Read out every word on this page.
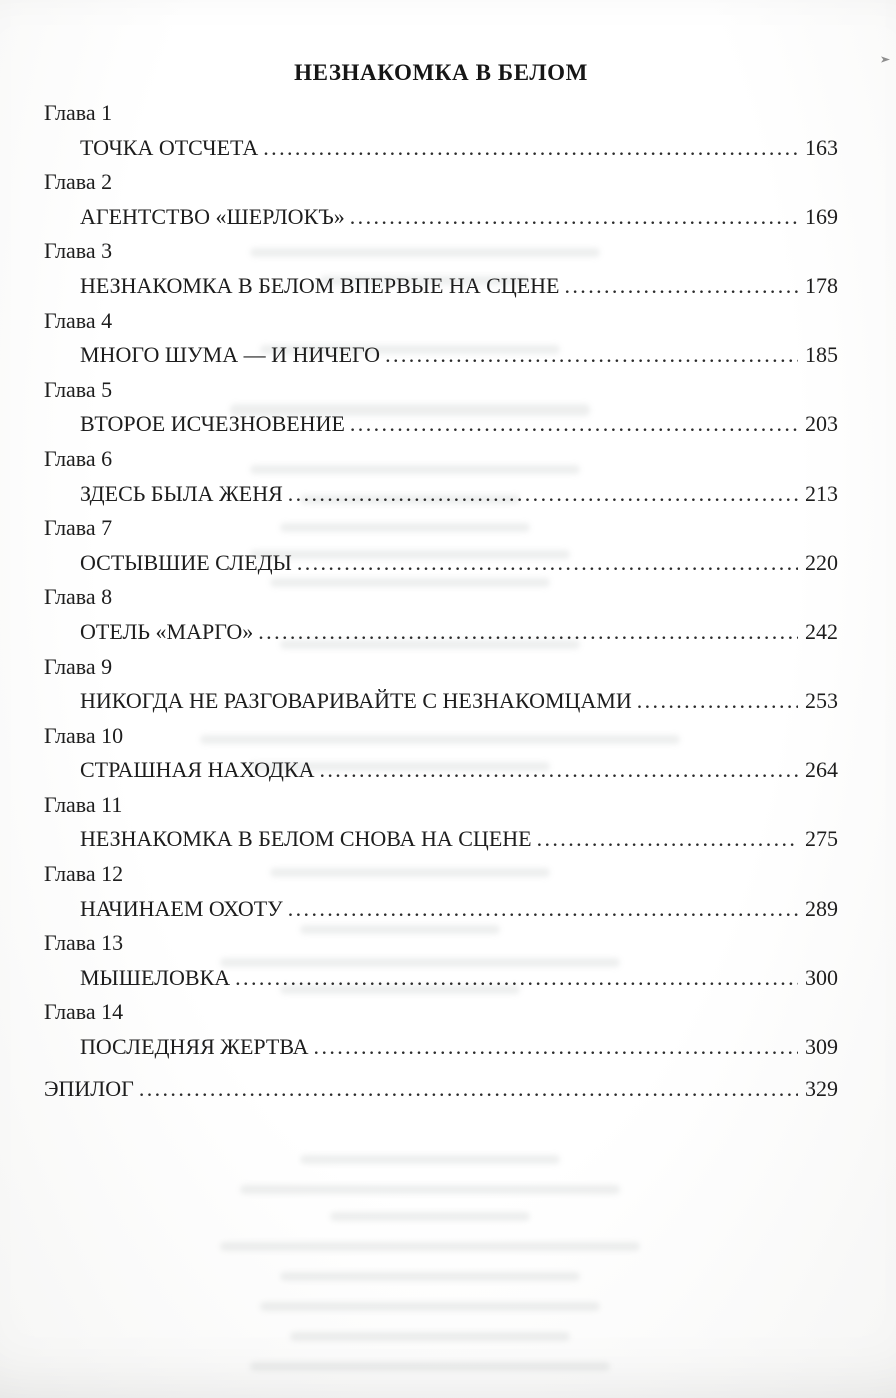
НЕЗНАКОМКА В БЕЛОМ
Глава 1
ТОЧКА ОТСЧЕТА .....	163
Глава 2
АГЕНТСТВО «ШЕРЛОКЪ» .....	169
Глава 3
НЕЗНАКОМКА В БЕЛОМ ВПЕРВЫЕ НА СЦЕНЕ .....	178
Глава 4
МНОГО ШУМА — И НИЧЕГО .....	185
Глава 5
ВТОРОЕ ИСЧЕЗНОВЕНИЕ .....	203
Глава 6
ЗДЕСЬ БЫЛА ЖЕНЯ .....	213
Глава 7
ОСТЫВШИЕ СЛЕДЫ .....	220
Глава 8
ОТЕЛЬ «МАРГО» .....	242
Глава 9
НИКОГДА НЕ РАЗГОВАРИВАЙТЕ С НЕЗНАКОМЦАМИ .....	253
Глава 10
СТРАШНАЯ НАХОДКА .....	264
Глава 11
НЕЗНАКОМКА В БЕЛОМ СНОВА НА СЦЕНЕ .....	275
Глава 12
НАЧИНАЕМ ОХОТУ .....	289
Глава 13
МЫШЕЛОВКА .....	300
Глава 14
ПОСЛЕДНЯЯ ЖЕРТВА .....	309
ЭПИЛОГ .....	329
